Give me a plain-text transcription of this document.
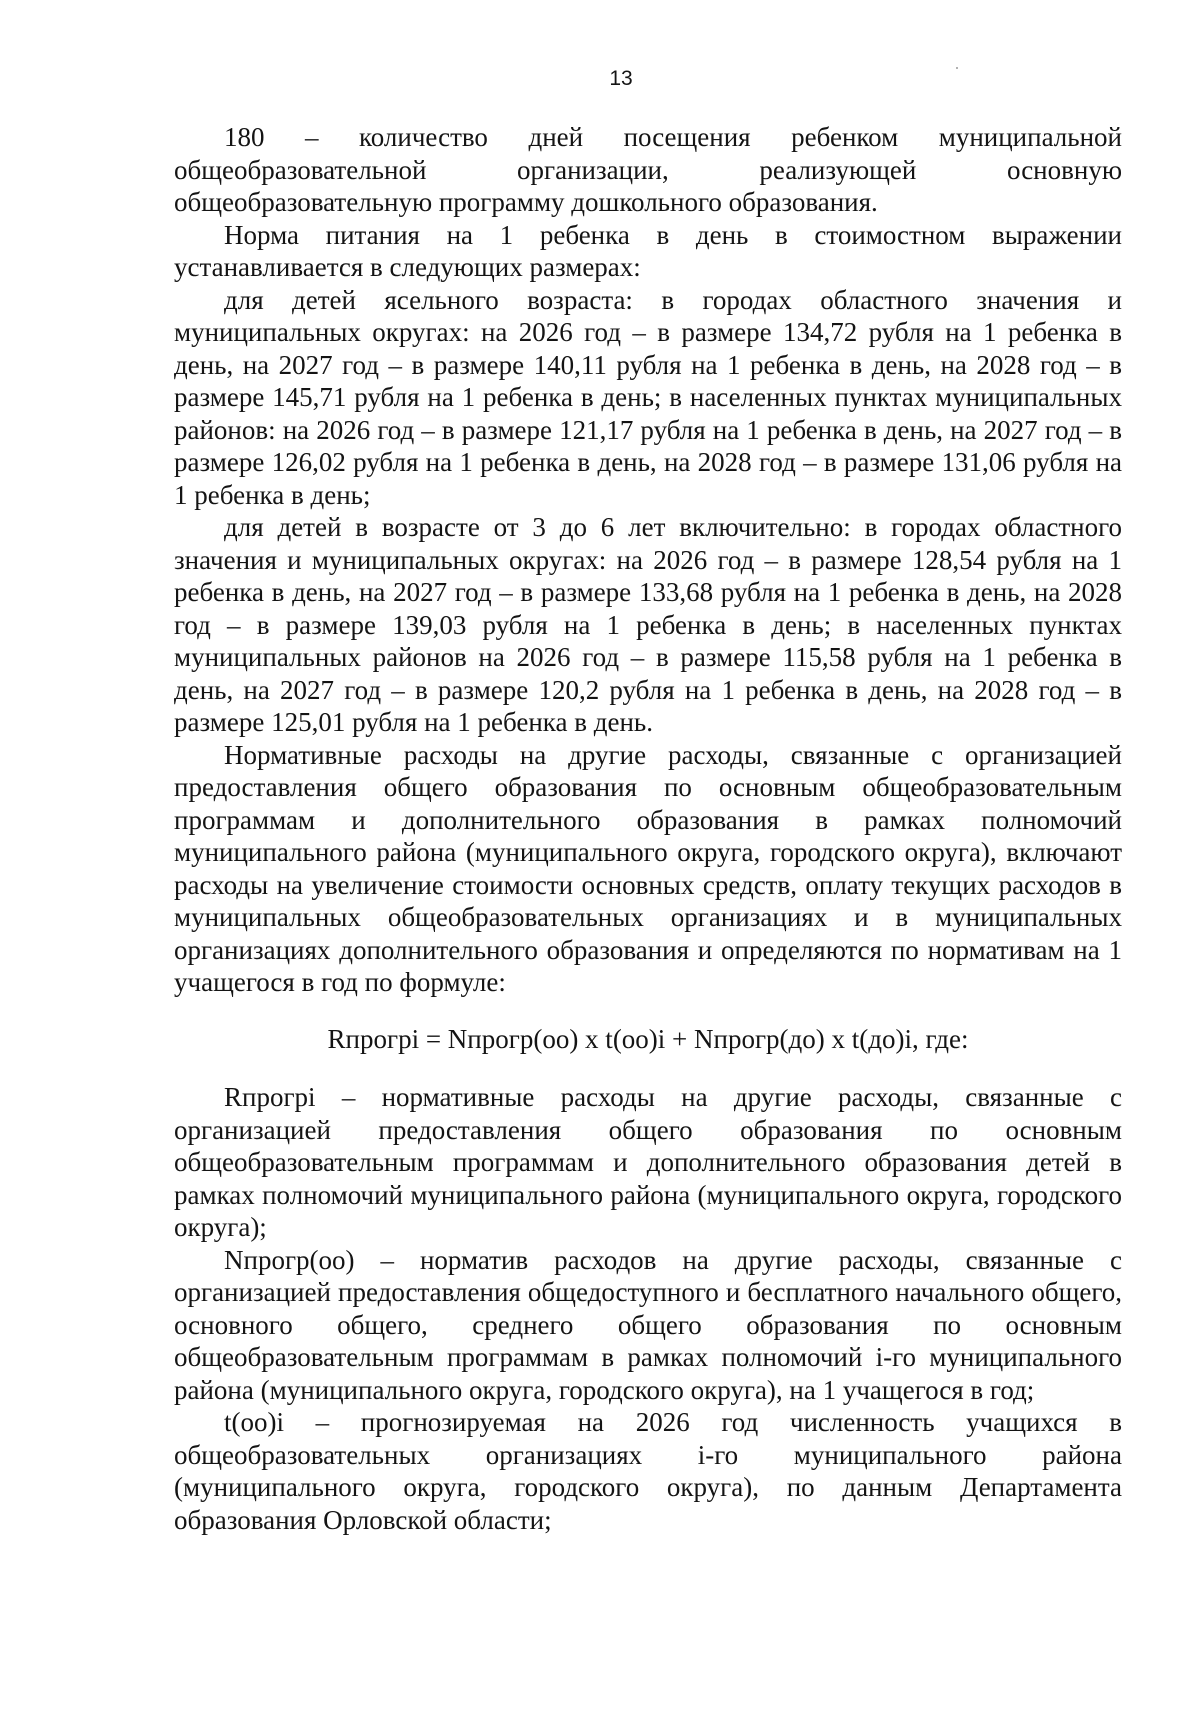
13

180 – количество дней посещения ребенком муниципальной общеобразовательной организации, реализующей основную общеобразовательную программу дошкольного образования.

Норма питания на 1 ребенка в день в стоимостном выражении устанавливается в следующих размерах:

для детей ясельного возраста: в городах областного значения и муниципальных округах: на 2026 год – в размере 134,72 рубля на 1 ребенка в день, на 2027 год – в размере 140,11 рубля на 1 ребенка в день, на 2028 год – в размере 145,71 рубля на 1 ребенка в день; в населенных пунктах муниципальных районов: на 2026 год – в размере 121,17 рубля на 1 ребенка в день, на 2027 год – в размере 126,02 рубля на 1 ребенка в день, на 2028 год – в размере 131,06 рубля на 1 ребенка в день;

для детей в возрасте от 3 до 6 лет включительно: в городах областного значения и муниципальных округах: на 2026 год – в размере 128,54 рубля на 1 ребенка в день, на 2027 год – в размере 133,68 рубля на 1 ребенка в день, на 2028 год – в размере 139,03 рубля на 1 ребенка в день; в населенных пунктах муниципальных районов на 2026 год – в размере 115,58 рубля на 1 ребенка в день, на 2027 год – в размере 120,2 рубля на 1 ребенка в день, на 2028 год – в размере 125,01 рубля на 1 ребенка в день.

Нормативные расходы на другие расходы, связанные с организацией предоставления общего образования по основным общеобразовательным программам и дополнительного образования в рамках полномочий муниципального района (муниципального округа, городского округа), включают расходы на увеличение стоимости основных средств, оплату текущих расходов в муниципальных общеобразовательных организациях и в муниципальных организациях дополнительного образования и определяются по нормативам на 1 учащегося в год по формуле:

Rпрогрi = Nпрогр(оо) x t(оо)i + Nпрогр(до) x t(до)i, где:

Rпрогрi – нормативные расходы на другие расходы, связанные с организацией предоставления общего образования по основным общеобразовательным программам и дополнительного образования детей в рамках полномочий муниципального района (муниципального округа, городского округа);

Nпрогр(оо) – норматив расходов на другие расходы, связанные с организацией предоставления общедоступного и бесплатного начального общего, основного общего, среднего общего образования по основным общеобразовательным программам в рамках полномочий i-го муниципального района (муниципального округа, городского округа), на 1 учащегося в год;

t(оо)i – прогнозируемая на 2026 год численность учащихся в общеобразовательных организациях i-го муниципального района (муниципального округа, городского округа), по данным Департамента образования Орловской области;
